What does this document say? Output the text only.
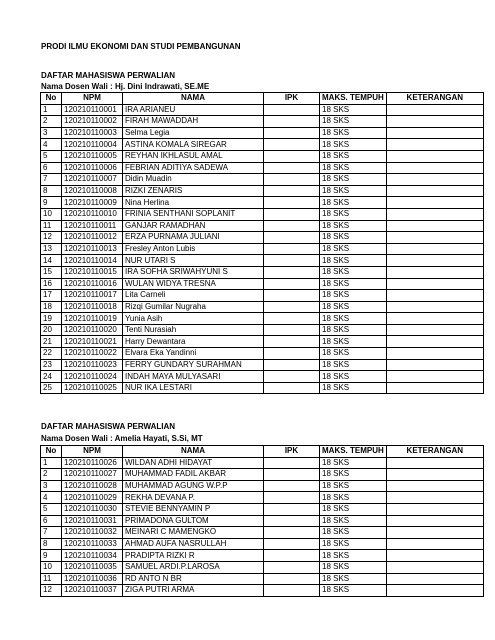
PRODI ILMU EKONOMI DAN STUDI PEMBANGUNAN
DAFTAR MAHASISWA PERWALIAN
Nama Dosen Wali : Hj. Dini Indrawati, SE.ME
No	NPM	NAMA	IPK	MAKS. TEMPUH	KETERANGAN
1	120210110001	IRA ARIANEU		18 SKS	
2	120210110002	FIRAH MAWADDAH		18 SKS	
3	120210110003	Selma Legia		18 SKS	
4	120210110004	ASTINA KOMALA SIREGAR		18 SKS	
5	120210110005	REYHAN IKHLASUL AMAL		18 SKS	
6	120210110006	FEBRIAN ADITIYA SADEWA		18 SKS	
7	120210110007	Didin Muadin		18 SKS	
8	120210110008	RIZKI ZENARIS		18 SKS	
9	120210110009	Nina Herlina		18 SKS	
10	120210110010	FRINIA SENTHANI SOPLANIT		18 SKS	
11	120210110011	GANJAR RAMADHAN		18 SKS	
12	120210110012	ERZA PURNAMA JULIANI		18 SKS	
13	120210110013	Fresley Anton Lubis		18 SKS	
14	120210110014	NUR UTARI S		18 SKS	
15	120210110015	IRA SOFHA SRIWAHYUNI S		18 SKS	
16	120210110016	WULAN WIDYA TRESNA		18 SKS	
17	120210110017	Lita Carneli		18 SKS	
18	120210110018	Rizqi Gumilar Nugraha		18 SKS	
19	120210110019	Yunia Asih		18 SKS	
20	120210110020	Tenti Nurasiah		18 SKS	
21	120210110021	Harry Dewantara		18 SKS	
22	120210110022	Elvara Eka Yandinni		18 SKS	
23	120210110023	FERRY GUNDARY SURAHMAN		18 SKS	
24	120210110024	INDAH MAYA MULYASARI		18 SKS	
25	120210110025	NUR IKA LESTARI		18 SKS	
DAFTAR MAHASISWA PERWALIAN
Nama Dosen Wali : Amelia Hayati, S.Si, MT
No	NPM	NAMA	IPK	MAKS. TEMPUH	KETERANGAN
1	120210110026	WILDAN ADHI HIDAYAT		18 SKS	
2	120210110027	MUHAMMAD FADIL AKBAR		18 SKS	
3	120210110028	MUHAMMAD AGUNG W.P.P		18 SKS	
4	120210110029	REKHA DEVANA P.		18 SKS	
5	120210110030	STEVIE BENNYAMIN P		18 SKS	
6	120210110031	PRIMADONA GULTOM		18 SKS	
7	120210110032	MEINARI C MAMENGKO		18 SKS	
8	120210110033	AHMAD AUFA NASRULLAH		18 SKS	
9	120210110034	PRADIPTA RIZKI R		18 SKS	
10	120210110035	SAMUEL ARDI.P.LAROSA		18 SKS	
11	120210110036	RD ANTO N BR		18 SKS	
12	120210110037	ZIGA PUTRI ARMA		18 SKS	
